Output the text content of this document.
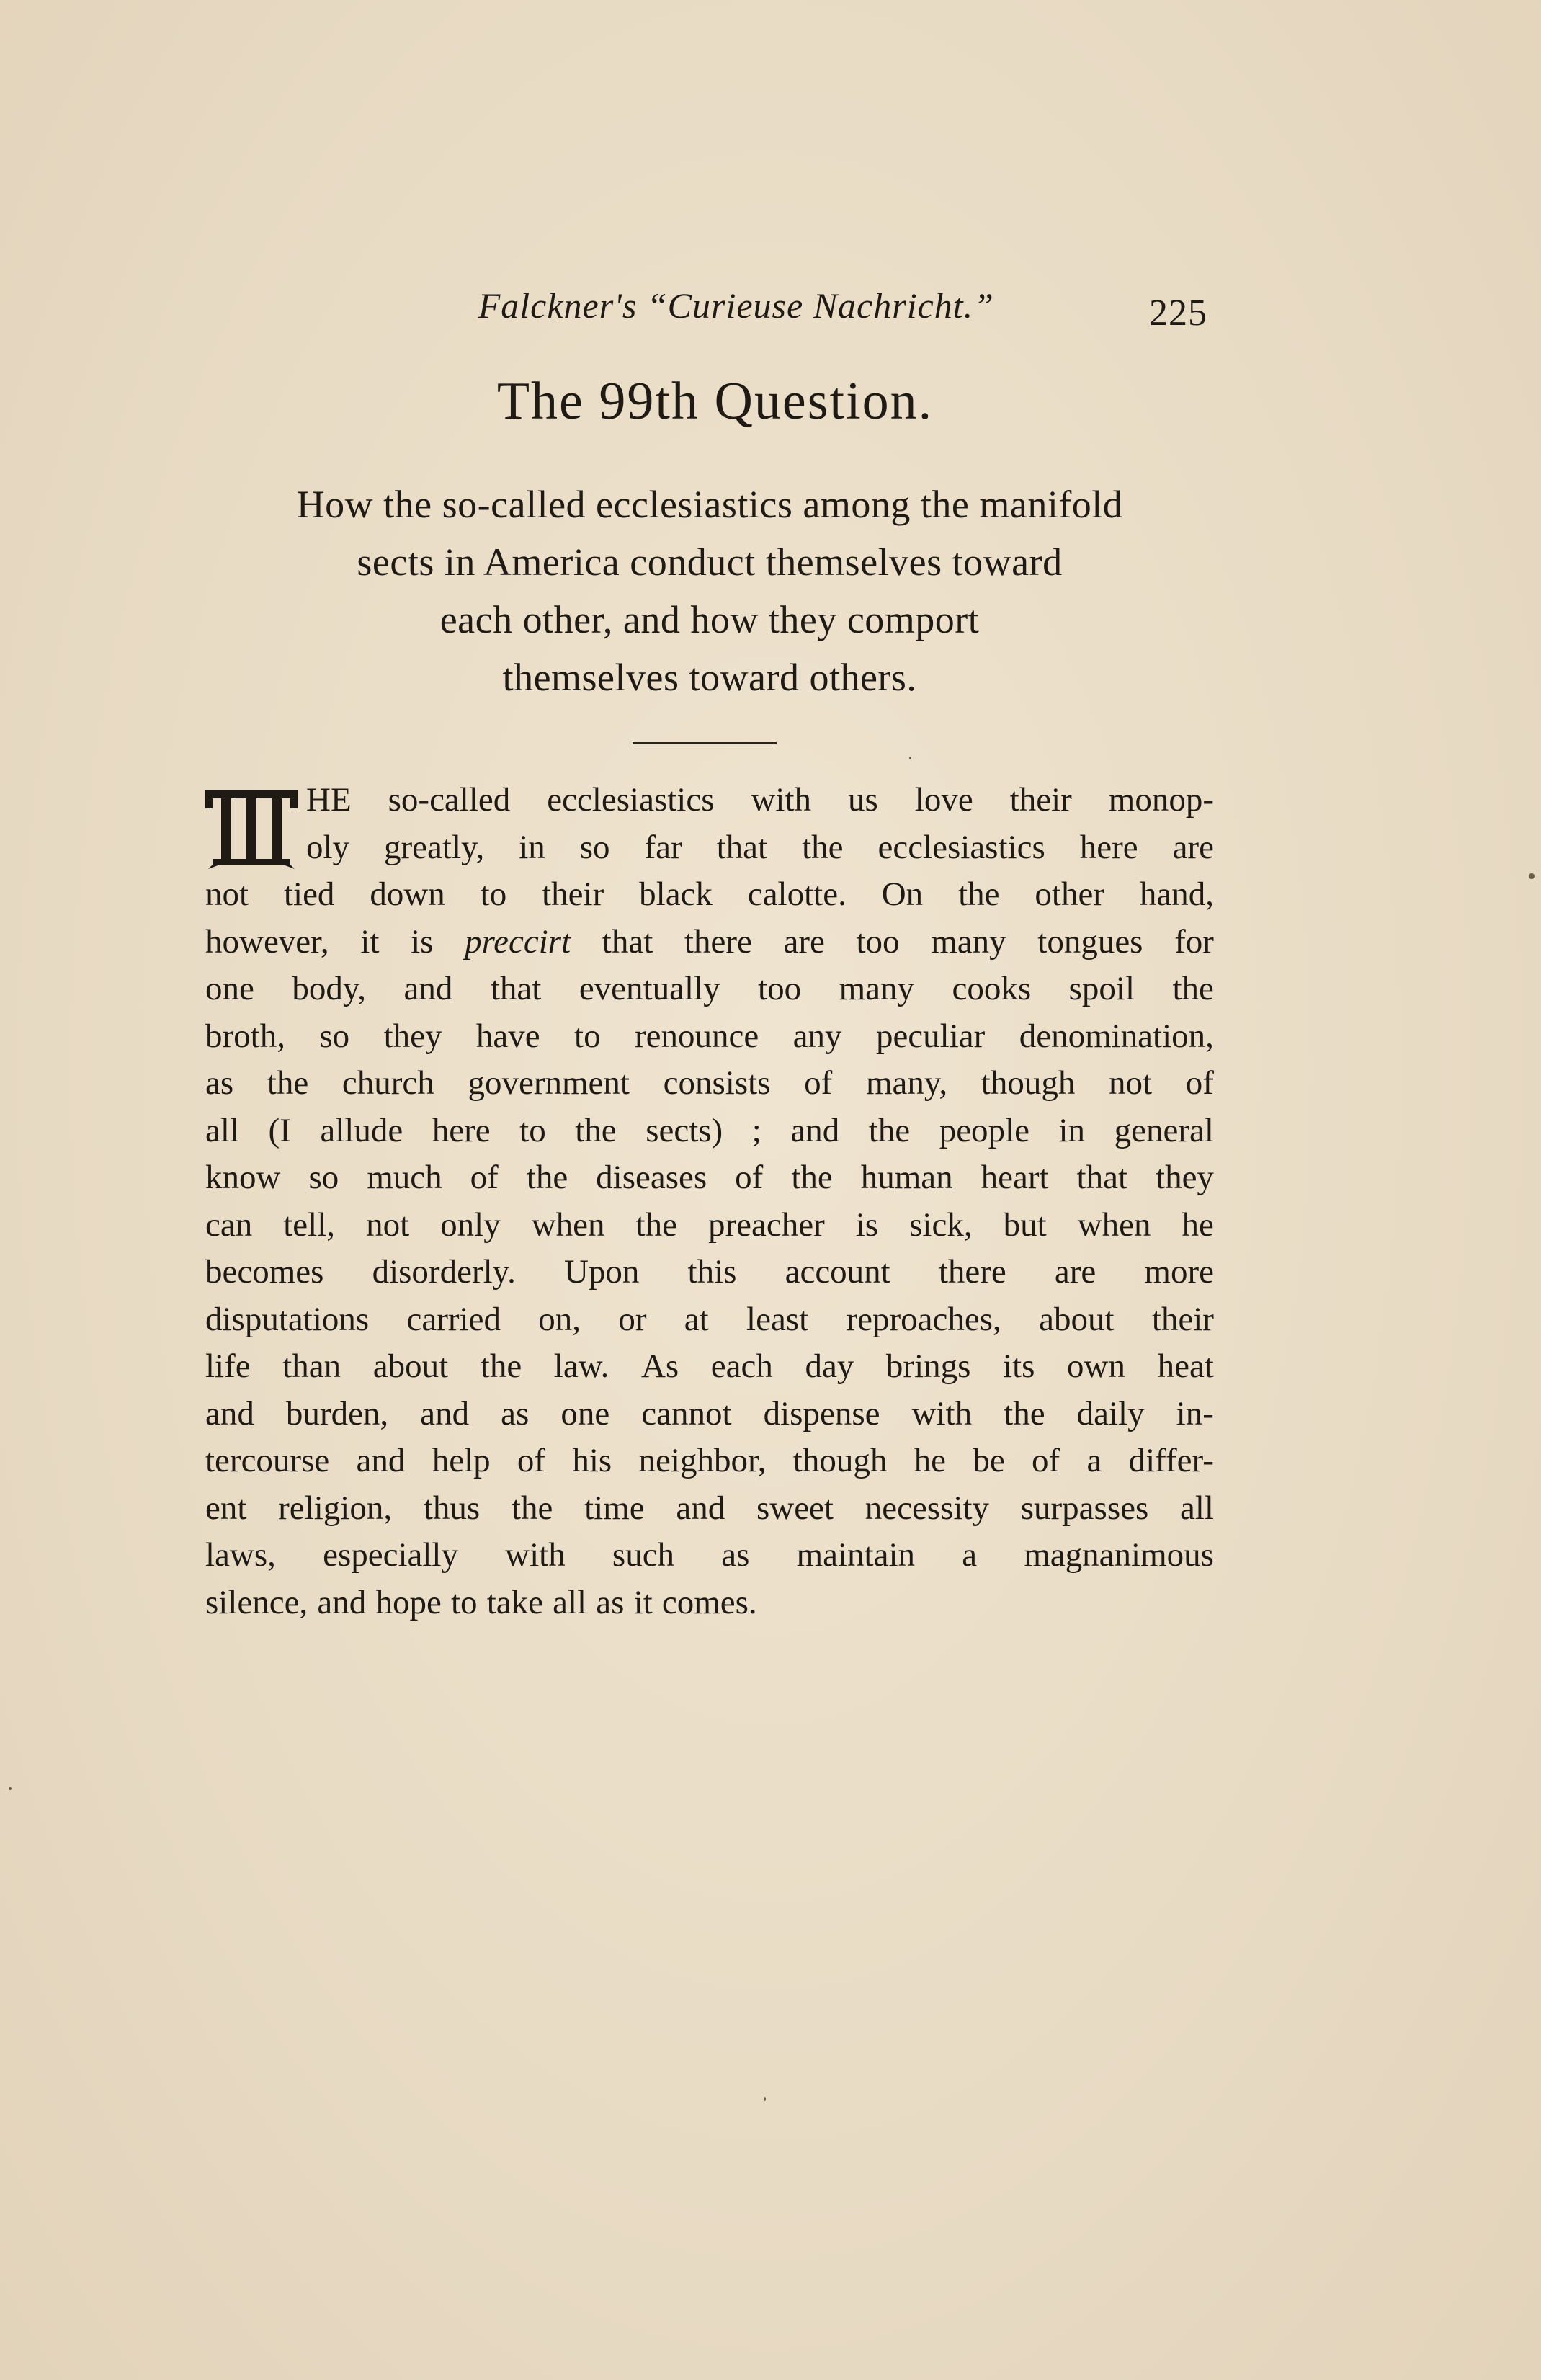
Falckner's “Curieuse Nachricht.”	225
The 99th Question.
How the so-called ecclesiastics among the manifold
sects in America conduct themselves toward
each other, and how they comport
themselves toward others.
T
HE so-called ecclesiastics with us love their monop-
oly greatly, in so far that the ecclesiastics here are
not tied down to their black calotte. On the other hand,
however, it is preccirt that there are too many tongues for
one body, and that eventually too many cooks spoil the
broth, so they have to renounce any peculiar denomination,
as the church government consists of many, though not of
all (I allude here to the sects) ; and the people in general
know so much of the diseases of the human heart that they
can tell, not only when the preacher is sick, but when he
becomes disorderly. Upon this account there are more
disputations carried on, or at least reproaches, about their
life than about the law. As each day brings its own heat
and burden, and as one cannot dispense with the daily in-
tercourse and help of his neighbor, though he be of a differ-
ent religion, thus the time and sweet necessity surpasses all
laws, especially with such as maintain a magnanimous
silence, and hope to take all as it comes.
